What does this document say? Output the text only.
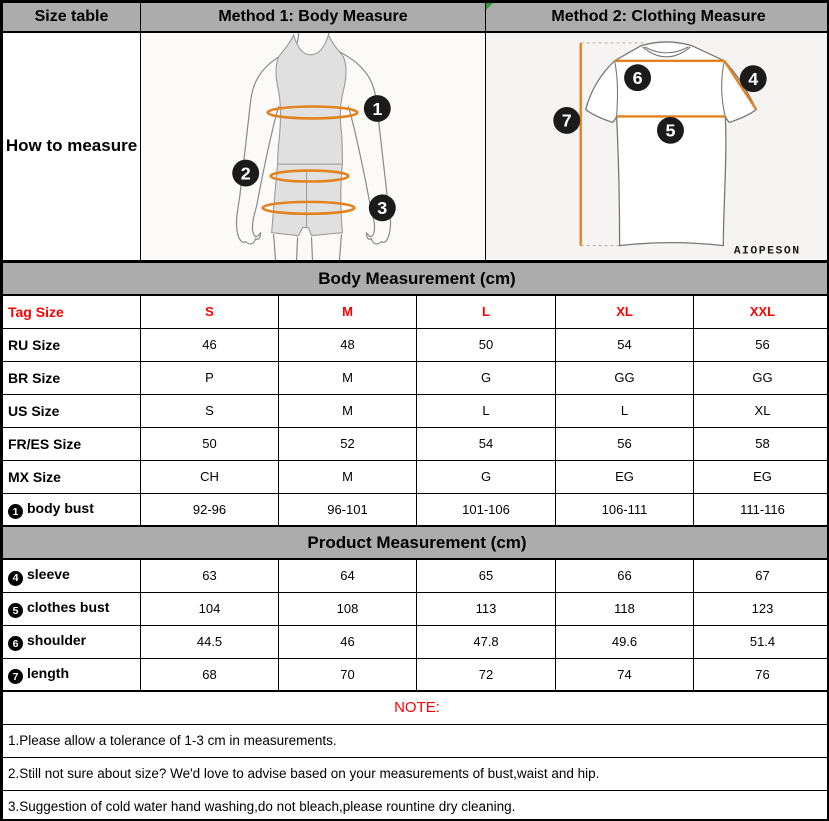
Size table	Method 1: Body Measure	Method 2: Clothing Measure
How to measure	1
2
3	4
5
6
7
AIOPESON
Body Measurement (cm)					
Tag Size	S	M	L	XL	XXL
RU Size	46	48	50	54	56
BR Size	P	M	G	GG	GG
US Size	S	M	L	L	XL
FR/ES Size	50	52	54	56	58
MX Size	CH	M	G	EG	EG
1 body bust	92-96	96-101	101-106	106-111	111-116
Product Measurement (cm)					
4 sleeve	63	64	65	66	67
5 clothes bust	104	108	113	118	123
6 shoulder	44.5	46	47.8	49.6	51.4
7 length	68	70	72	74	76
NOTE:					
1.Please allow a tolerance of 1-3 cm in measurements.					
2.Still not sure about size? We'd love to advise based on your measurements of bust,waist and hip.					
3.Suggestion of cold water hand washing,do not bleach,please rountine dry cleaning.					
